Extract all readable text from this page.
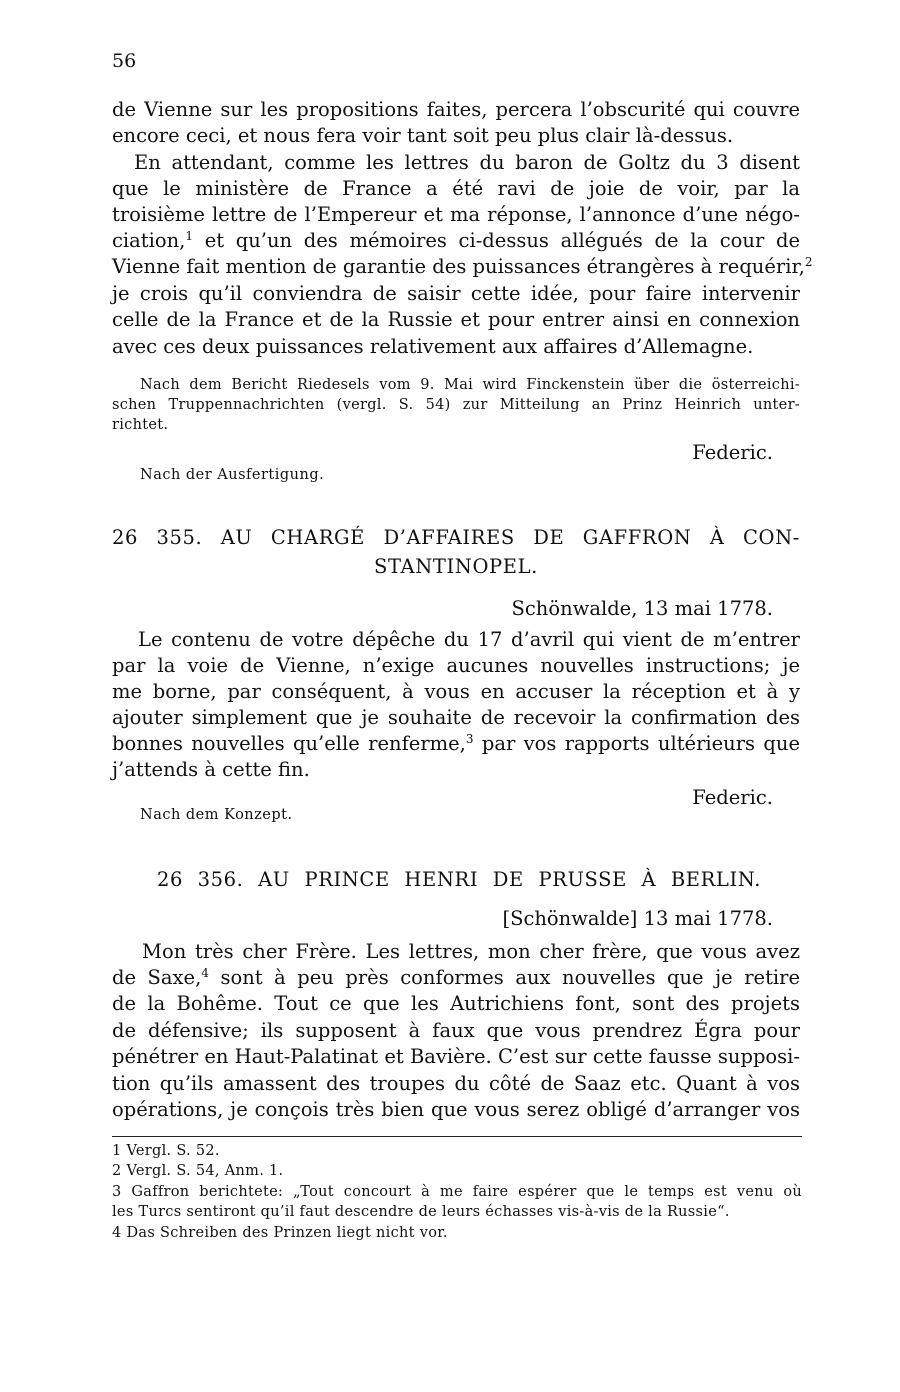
56
de Vienne sur les propositions faites, percera l’obscurité qui couvre
encore ceci, et nous fera voir tant soit peu plus clair là-dessus.
En attendant, comme les lettres du baron de Goltz du 3 disent
que le ministère de France a été ravi de joie de voir, par la
troisième lettre de l’Empereur et ma réponse, l’annonce d’une négo-
ciation,$^1$ et qu’un des mémoires ci-dessus allégués de la cour de
Vienne fait mention de garantie des puissances étrangères à requérir,$^2$
je crois qu’il conviendra de saisir cette idée, pour faire intervenir
celle de la France et de la Russie et pour entrer ainsi en connexion
avec ces deux puissances relativement aux affaires d’Allemagne.
Nach dem Bericht Riedesels vom 9. Mai wird Finckenstein über die österreichi-
schen Truppennachrichten (vergl. S. 54) zur Mitteilung an Prinz Heinrich unter-
richtet.
Federic.
Nach der Ausfertigung.
26 355. AU CHARGÉ D’AFFAIRES DE GAFFRON À CON-
STANTINOPEL.
Schönwalde, 13 mai 1778.
Le contenu de votre dépêche du 17 d’avril qui vient de m’entrer
par la voie de Vienne, n’exige aucunes nouvelles instructions; je
me borne, par conséquent, à vous en accuser la réception et à y
ajouter simplement que je souhaite de recevoir la confirmation des
bonnes nouvelles qu’elle renferme,$^3$ par vos rapports ultérieurs que
j’attends à cette fin.
Federic.
Nach dem Konzept.
26 356. AU PRINCE HENRI DE PRUSSE À BERLIN.
[Schönwalde] 13 mai 1778.
Mon très cher Frère. Les lettres, mon cher frère, que vous avez
de Saxe,$^4$ sont à peu près conformes aux nouvelles que je retire
de la Bohême. Tout ce que les Autrichiens font, sont des projets
de défensive; ils supposent à faux que vous prendrez Égra pour
pénétrer en Haut-Palatinat et Bavière. C’est sur cette fausse supposi-
tion qu’ils amassent des troupes du côté de Saaz etc. Quant à vos
opérations, je conçois très bien que vous serez obligé d’arranger vos
1 Vergl. S. 52.
2 Vergl. S. 54, Anm. 1.
3 Gaffron berichtete: „Tout concourt à me faire espérer que le temps est venu où
les Turcs sentiront qu’il faut descendre de leurs échasses vis-à-vis de la Russie“.
4 Das Schreiben des Prinzen liegt nicht vor.
